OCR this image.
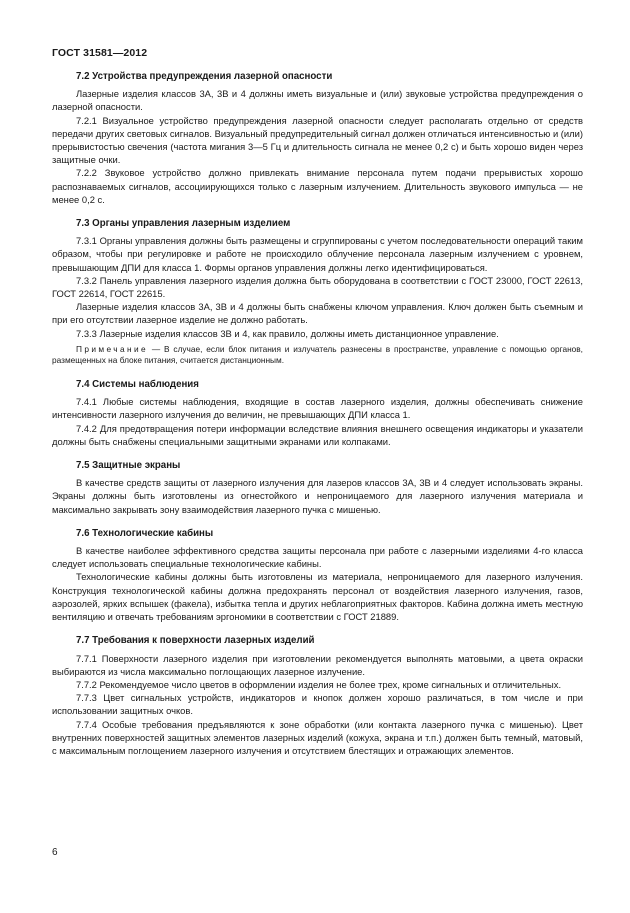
ГОСТ 31581—2012
7.2 Устройства предупреждения лазерной опасности

Лазерные изделия классов 3А, 3В и 4 должны иметь визуальные и (или) звуковые устройства предупреждения о лазерной опасности.

7.2.1 Визуальное устройство предупреждения лазерной опасности следует располагать отдельно от средств передачи других световых сигналов. Визуальный предупредительный сигнал должен отличаться интенсивностью и (или) прерывистостью свечения (частота мигания 3—5 Гц и длительность сигнала не менее 0,2 с) и быть хорошо виден через защитные очки.

7.2.2 Звуковое устройство должно привлекать внимание персонала путем подачи прерывистых хорошо распознаваемых сигналов, ассоциирующихся только с лазерным излучением. Длительность звукового импульса — не менее 0,2 с.

7.3 Органы управления лазерным изделием

7.3.1 Органы управления должны быть размещены и сгруппированы с учетом последовательности операций таким образом, чтобы при регулировке и работе не происходило облучение персонала лазерным излучением с уровнем, превышающим ДПИ для класса 1. Формы органов управления должны легко идентифицироваться.

7.3.2 Панель управления лазерного изделия должна быть оборудована в соответствии с ГОСТ 23000, ГОСТ 22613, ГОСТ 22614, ГОСТ 22615.

Лазерные изделия классов 3А, 3В и 4 должны быть снабжены ключом управления. Ключ должен быть съемным и при его отсутствии лазерное изделие не должно работать.

7.3.3 Лазерные изделия классов 3В и 4, как правило, должны иметь дистанционное управление.

Примечание — В случае, если блок питания и излучатель разнесены в пространстве, управление с помощью органов, размещенных на блоке питания, считается дистанционным.

7.4 Системы наблюдения

7.4.1 Любые системы наблюдения, входящие в состав лазерного изделия, должны обеспечивать снижение интенсивности лазерного излучения до величин, не превышающих ДПИ класса 1.

7.4.2 Для предотвращения потери информации вследствие влияния внешнего освещения индикаторы и указатели должны быть снабжены специальными защитными экранами или колпаками.

7.5 Защитные экраны

В качестве средств защиты от лазерного излучения для лазеров классов 3А, 3В и 4 следует использовать экраны. Экраны должны быть изготовлены из огнестойкого и непроницаемого для лазерного излучения материала и максимально закрывать зону взаимодействия лазерного пучка с мишенью.

7.6 Технологические кабины

В качестве наиболее эффективного средства защиты персонала при работе с лазерными изделиями 4-го класса следует использовать специальные технологические кабины.

Технологические кабины должны быть изготовлены из материала, непроницаемого для лазерного излучения. Конструкция технологической кабины должна предохранять персонал от воздействия лазерного излучения, газов, аэрозолей, ярких вспышек (факела), избытка тепла и других неблагоприятных факторов. Кабина должна иметь местную вентиляцию и отвечать требованиям эргономики в соответствии с ГОСТ 21889.

7.7 Требования к поверхности лазерных изделий

7.7.1 Поверхности лазерного изделия при изготовлении рекомендуется выполнять матовыми, а цвета окраски выбираются из числа максимально поглощающих лазерное излучение.

7.7.2 Рекомендуемое число цветов в оформлении изделия не более трех, кроме сигнальных и отличительных.

7.7.3 Цвет сигнальных устройств, индикаторов и кнопок должен хорошо различаться, в том числе и при использовании защитных очков.

7.7.4 Особые требования предъявляются к зоне обработки (или контакта лазерного пучка с мишенью). Цвет внутренних поверхностей защитных элементов лазерных изделий (кожуха, экрана и т.п.) должен быть темный, матовый, с максимальным поглощением лазерного излучения и отсутствием блестящих и отражающих элементов.

6
